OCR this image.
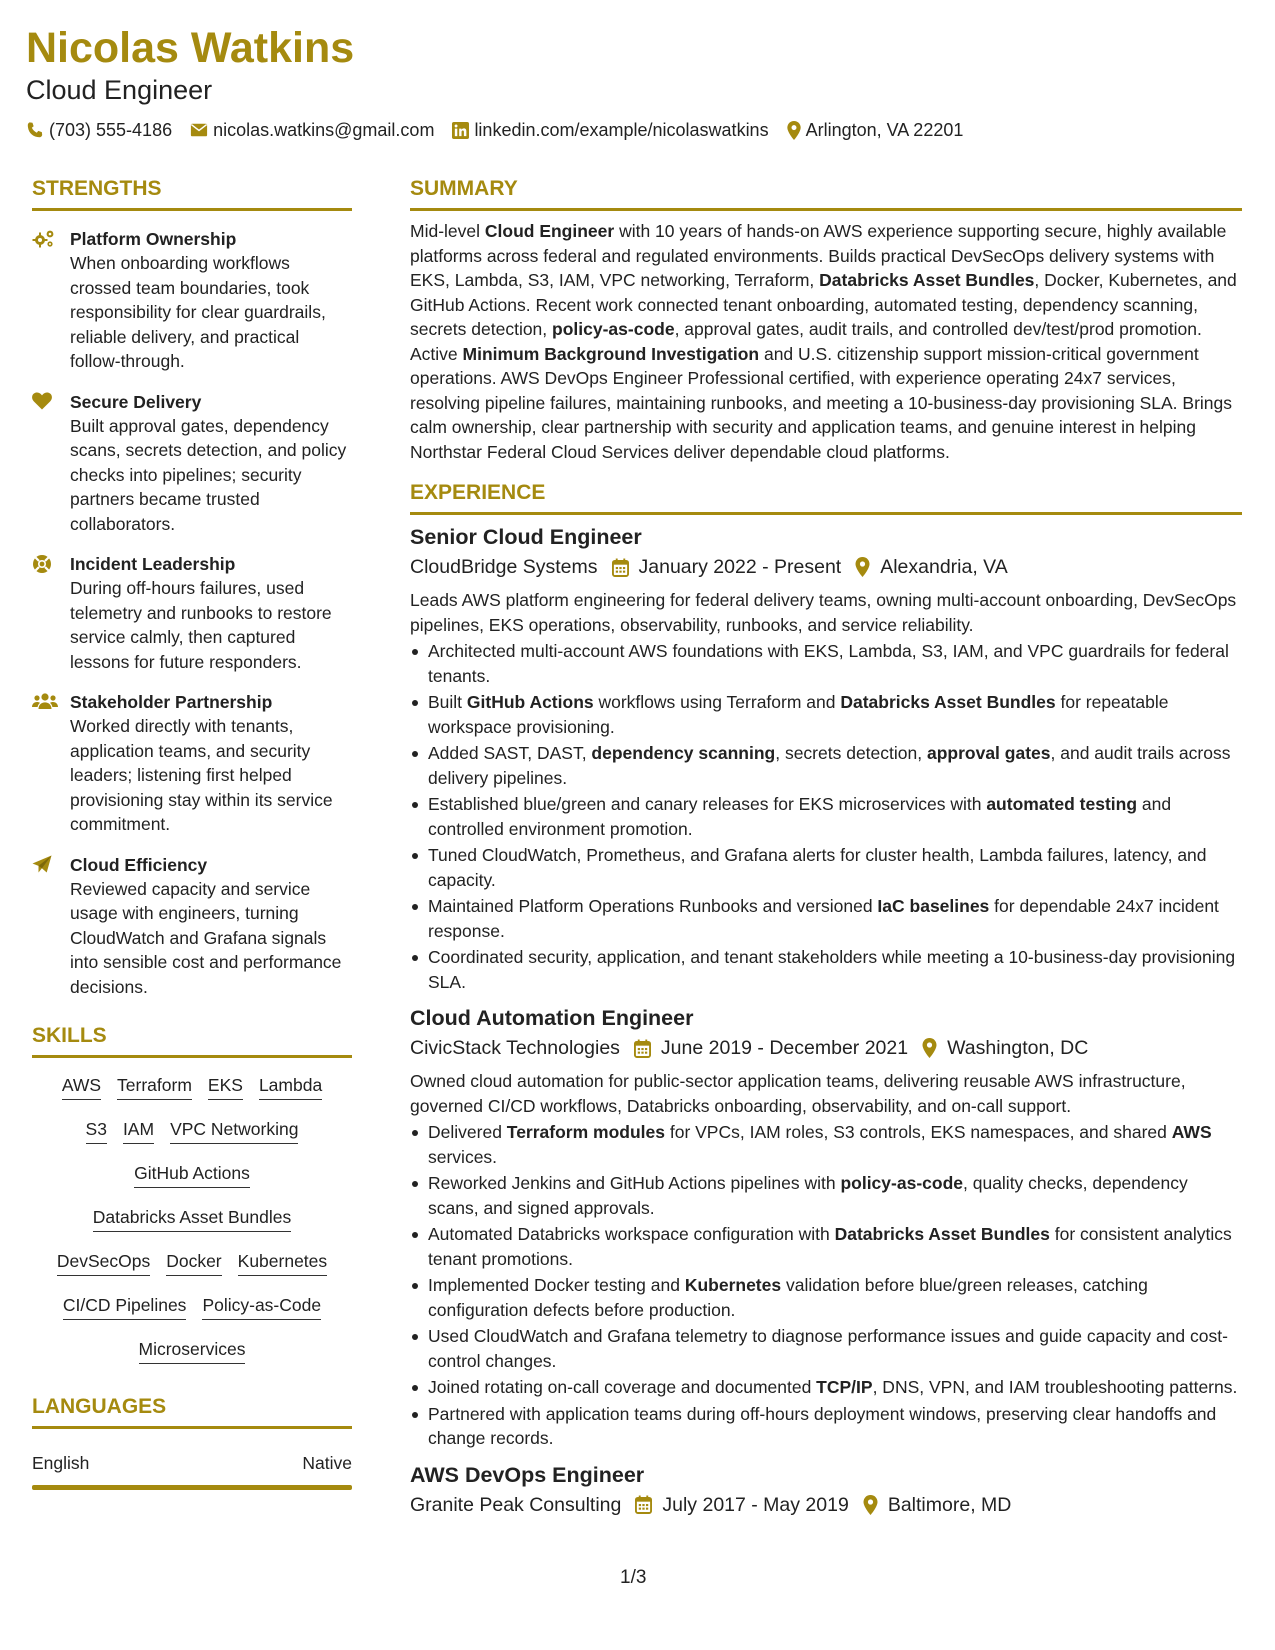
Nicolas Watkins
Cloud Engineer
(703) 555-4186 nicolas.watkins@gmail.com linkedin.com/example/nicolaswatkins Arlington, VA 22201
STRENGTHS
Platform Ownership
When onboarding workflows crossed team boundaries, took responsibility for clear guardrails, reliable delivery, and practical follow-through.
Secure Delivery
Built approval gates, dependency scans, secrets detection, and policy checks into pipelines; security partners became trusted collaborators.
Incident Leadership
During off-hours failures, used telemetry and runbooks to restore service calmly, then captured lessons for future responders.
Stakeholder Partnership
Worked directly with tenants, application teams, and security leaders; listening first helped provisioning stay within its service commitment.
Cloud Efficiency
Reviewed capacity and service usage with engineers, turning CloudWatch and Grafana signals into sensible cost and performance decisions.
SKILLS
AWS Terraform EKS Lambda
S3 IAM VPC Networking
GitHub Actions
Databricks Asset Bundles
DevSecOps Docker Kubernetes
CI/CD Pipelines Policy-as-Code
Microservices
LANGUAGES
English	Native
SUMMARY
Mid-level Cloud Engineer with 10 years of hands-on AWS experience supporting secure, highly available platforms across federal and regulated environments. Builds practical DevSecOps delivery systems with EKS, Lambda, S3, IAM, VPC networking, Terraform, Databricks Asset Bundles, Docker, Kubernetes, and GitHub Actions. Recent work connected tenant onboarding, automated testing, dependency scanning, secrets detection, policy-as-code, approval gates, audit trails, and controlled dev/test/prod promotion. Active Minimum Background Investigation and U.S. citizenship support mission-critical government operations. AWS DevOps Engineer Professional certified, with experience operating 24x7 services, resolving pipeline failures, maintaining runbooks, and meeting a 10-business-day provisioning SLA. Brings calm ownership, clear partnership with security and application teams, and genuine interest in helping Northstar Federal Cloud Services deliver dependable cloud platforms.
EXPERIENCE
Senior Cloud Engineer
CloudBridge Systems January 2022 - Present Alexandria, VA
Leads AWS platform engineering for federal delivery teams, owning multi-account onboarding, DevSecOps pipelines, EKS operations, observability, runbooks, and service reliability.
Architected multi-account AWS foundations with EKS, Lambda, S3, IAM, and VPC guardrails for federal tenants.
Built GitHub Actions workflows using Terraform and Databricks Asset Bundles for repeatable workspace provisioning.
Added SAST, DAST, dependency scanning, secrets detection, approval gates, and audit trails across delivery pipelines.
Established blue/green and canary releases for EKS microservices with automated testing and controlled environment promotion.
Tuned CloudWatch, Prometheus, and Grafana alerts for cluster health, Lambda failures, latency, and capacity.
Maintained Platform Operations Runbooks and versioned IaC baselines for dependable 24x7 incident response.
Coordinated security, application, and tenant stakeholders while meeting a 10-business-day provisioning SLA.
Cloud Automation Engineer
CivicStack Technologies June 2019 - December 2021 Washington, DC
Owned cloud automation for public-sector application teams, delivering reusable AWS infrastructure, governed CI/CD workflows, Databricks onboarding, observability, and on-call support.
Delivered Terraform modules for VPCs, IAM roles, S3 controls, EKS namespaces, and shared AWS services.
Reworked Jenkins and GitHub Actions pipelines with policy-as-code, quality checks, dependency scans, and signed approvals.
Automated Databricks workspace configuration with Databricks Asset Bundles for consistent analytics tenant promotions.
Implemented Docker testing and Kubernetes validation before blue/green releases, catching configuration defects before production.
Used CloudWatch and Grafana telemetry to diagnose performance issues and guide capacity and cost-control changes.
Joined rotating on-call coverage and documented TCP/IP, DNS, VPN, and IAM troubleshooting patterns.
Partnered with application teams during off-hours deployment windows, preserving clear handoffs and change records.
AWS DevOps Engineer
Granite Peak Consulting July 2017 - May 2019 Baltimore, MD
1/3
